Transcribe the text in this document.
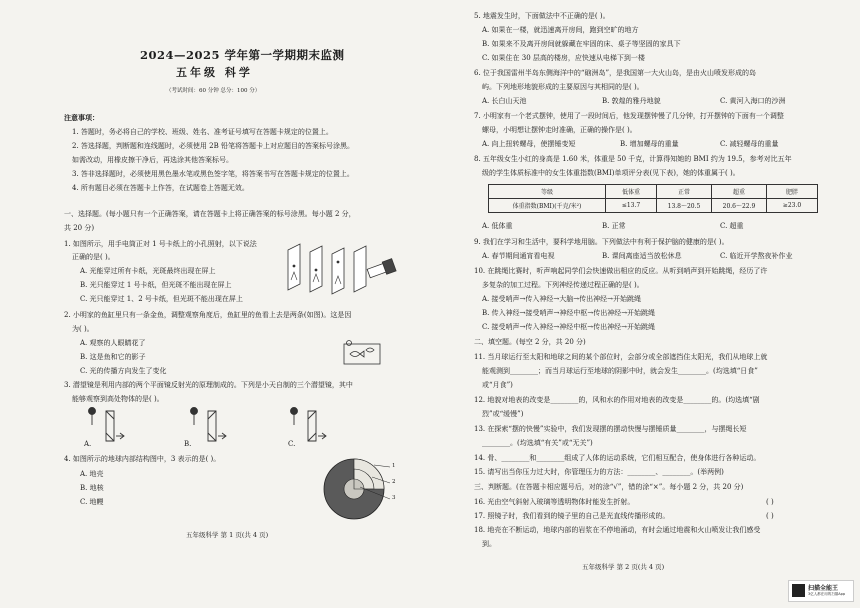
2024—2025 学年第一学期期末监测
五年级 科学
（考试时间：60 分钟 总分：100 分）
注意事项：
1. 答题时，务必将自己的学校、班级、姓名、准考证号填写在答题卡规定的位置上。
2. 答选择题，判断题和连线题时，必须使用 2B 铅笔将答题卡上对应题目的答案标号涂黑。
如需改动，用橡皮擦干净后，再选涂其他答案标号。
3. 答非选择题时，必须使用黑色墨水笔或黑色签字笔，将答案书写在答题卡规定的位置上。
4. 所有题目必须在答题卡上作答，在试题卷上答题无效。
一、选择题。(每小题只有一个正确答案，请在答题卡上将正确答案的标号涂黑。每小题 2 分，
共 20 分)
1. 如图所示，用手电筒正对 1 号卡纸上的小孔照射，以下说法
正确的是( )。
A. 光能穿过所有卡纸，光斑最终出现在屏上
B. 光只能穿过 1 号卡纸，但光斑不能出现在屏上
C. 光只能穿过 1、2 号卡纸，但光斑不能出现在屏上
2. 小明家的鱼缸里只有一条金鱼，调整观察角度后，鱼缸里的鱼看上去是两条(如图)。这是因
为( )。
A. 观察的人眼睛花了
B. 这是鱼和它的影子
C. 光的传播方向发生了变化
3. 潜望镜是利用内部的两个平面镜反射光的原理制成的。下列是小天自制的三个潜望镜，其中
能够观察到高处物体的是( )。
A.	B.	C.
4. 如图所示的地球内部结构图中，3 表示的是( )。
A. 地壳
B. 地核
C. 地幔
1
2
3
五年级科学 第 1 页(共 4 页)
5. 地震发生时，下面做法中不正确的是( )。
A. 如果在一楼，就迅速离开房间，跑到空旷的地方
B. 如果来不及离开房间就躲藏在牢固的床、桌子等坚固的家具下
C. 如果住在 30 层高的楼房，应快速从电梯下到一楼
6. 位于我国雷州半岛东侧海洋中的“硇洲岛”，是我国第一大火山岛，是由火山喷发形成的岛
屿。下列地形地貌形成的主要原因与其相同的是( )。
A. 长白山天池	B. 敦煌的雅丹地貌	C. 黄河入海口的沙洲
7. 小明家有一个老式摆钟，使用了一段时间后，他发现摆钟慢了几分钟，打开摆钟的下面有一个调整
螺母，小明想让摆钟走时准确，正确的操作是( )。
A. 向上扭转螺母，使摆锤变短	B. 增加螺母的重量	C. 减轻螺母的重量
8. 五年级女生小红的身高是 1.60 米，体重是 50 千克，计算得知她的 BMI 约为 19.5，参考对比五年
级的学生体质标准中的女生体重指数(BMI)单项评分表(见下表)，她的体重属于( )。
等级	低体重	正常	超重	肥胖
体重指数(BMI)(千克/米²)	≤13.7	13.8～20.5	20.6～22.9	≥23.0
A. 低体重	B. 正常	C. 超重
9. 我们在学习和生活中，要科学地用脑。下列做法中有利于保护脑的健康的是( )。
A. 春节期间通宵看电视	B. 课间离座适当放松休息	C. 临近开学熬夜补作业
10. 在跳绳比赛时，听声响起同学们会快速做出相应的反应。从听到哨声到开始跳绳，经历了许
多复杂的加工过程。下列神经传递过程正确的是( )。
A. 接受哨声→传入神经→大脑→传出神经→开始跳绳
B. 传入神经→接受哨声→神经中枢→传出神经→开始跳绳
C. 接受哨声→传入神经→神经中枢→传出神经→开始跳绳
二、填空题。(每空 2 分，共 20 分)
11. 当月球运行至太阳和地球之间的某个部位时，会部分或全部遮挡住太阳光，我们从地球上就
能观测到________；而当月球运行至地球的阴影中时，就会发生________。(均选填“日食”
或“月食”)
12. 地貌对地表的改变是________的，风和水的作用对地表的改变是________的。(均选填“剧
烈”或“缓慢”)
13. 在探索“摆的快慢”实验中，我们发现摆的摆动快慢与摆锤质量________，与摆绳长短
________。(均选填“有关”或“无关”)
14. 骨、________和________组成了人体的运动系统，它们相互配合，使身体进行各种运动。
15. 请写出当你压力过大时，你管理压力的方法：________、________。(举两例)
三、判断题。(在答题卡相应题号后，对的涂“√”，错的涂“×”。每小题 2 分，共 20 分)
16. 光由空气斜射入玻璃等透明物体时能发生折射。	( )
17. 照镜子时，我们看到的镜子里的自己是光直线传播形成的。	( )
18. 地壳在不断运动，地球内部的岩浆在不停地涌动，有时会通过地震和火山喷发让我们感受
到。
五年级科学 第 2 页(共 4 页)
扫描全能王
3亿人都在用的扫描App
